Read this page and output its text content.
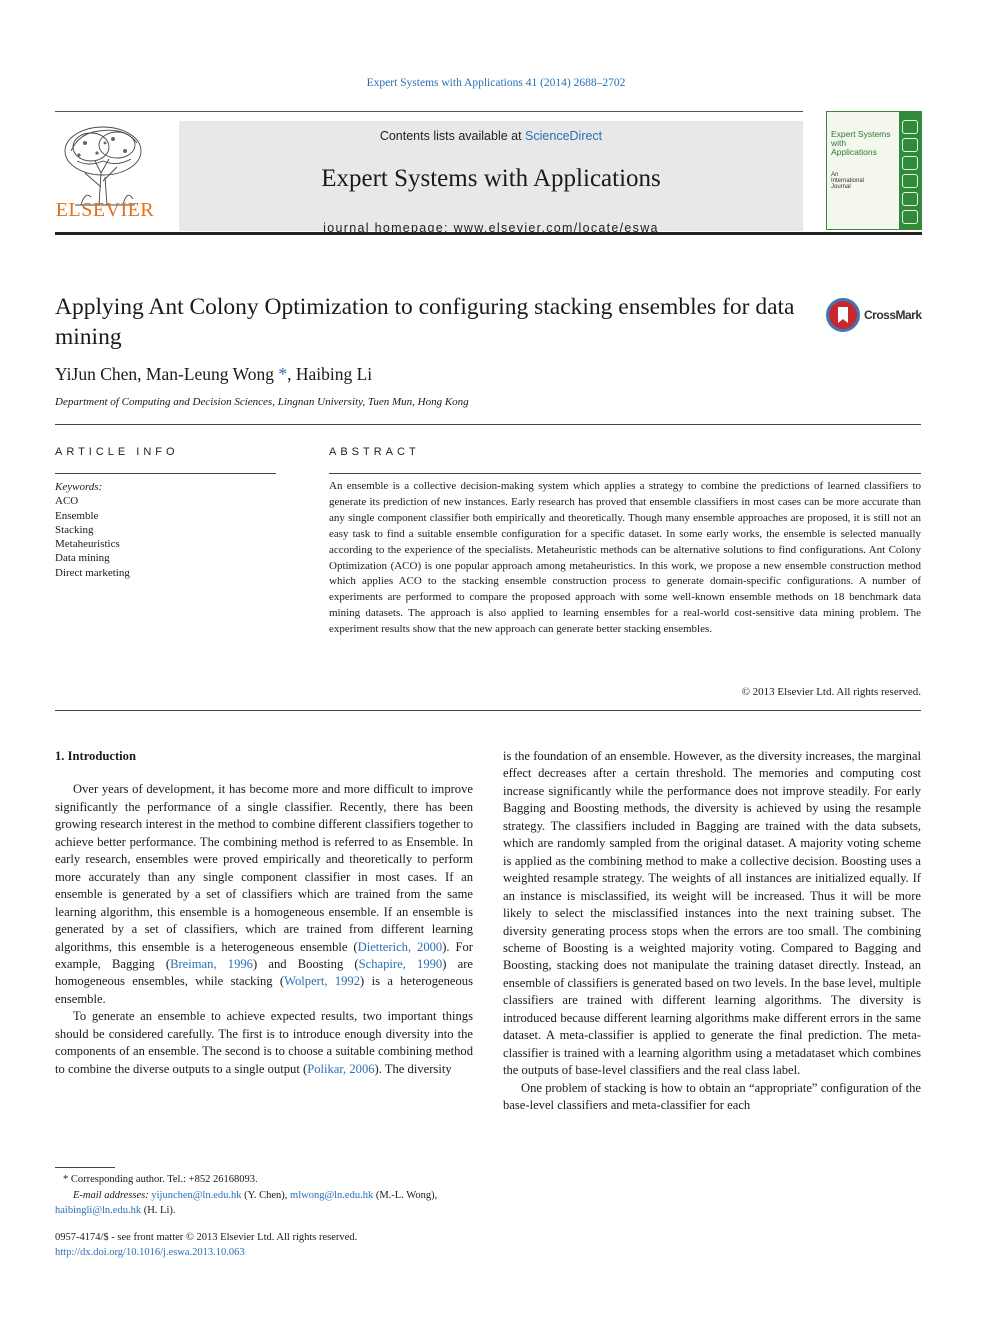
Expert Systems with Applications 41 (2014) 2688–2702
ELSEVIER
Contents lists available at ScienceDirect
Expert Systems with Applications
journal homepage: www.elsevier.com/locate/eswa
Expert Systems with Applications
An International Journal
Applying Ant Colony Optimization to configuring stacking ensembles for data mining
YiJun Chen, Man-Leung Wong *, Haibing Li
Department of Computing and Decision Sciences, Lingnan University, Tuen Mun, Hong Kong
CrossMark
ARTICLE INFO
Keywords:
ACO
Ensemble
Stacking
Metaheuristics
Data mining
Direct marketing
ABSTRACT
An ensemble is a collective decision-making system which applies a strategy to combine the predictions of learned classifiers to generate its prediction of new instances. Early research has proved that ensemble classifiers in most cases can be more accurate than any single component classifier both empirically and theoretically. Though many ensemble approaches are proposed, it is still not an easy task to find a suitable ensemble configuration for a specific dataset. In some early works, the ensemble is selected manually according to the experience of the specialists. Metaheuristic methods can be alternative solutions to find configurations. Ant Colony Optimization (ACO) is one popular approach among metaheuristics. In this work, we propose a new ensemble construction method which applies ACO to the stacking ensemble construction process to generate domain-specific configurations. A number of experiments are performed to compare the proposed approach with some well-known ensemble methods on 18 benchmark data mining datasets. The approach is also applied to learning ensembles for a real-world cost-sensitive data mining problem. The experiment results show that the new approach can generate better stacking ensembles.
© 2013 Elsevier Ltd. All rights reserved.
1. Introduction

Over years of development, it has become more and more difficult to improve significantly the performance of a single classifier. Recently, there has been growing research interest in the method to combine different classifiers together to achieve better performance. The combining method is referred to as Ensemble. In early research, ensembles were proved empirically and theoretically to perform more accurately than any single component classifier in most cases. If an ensemble is generated by a set of classifiers which are trained from the same learning algorithm, this ensemble is a homogeneous ensemble. If an ensemble is generated by a set of classifiers, which are trained from different learning algorithms, this ensemble is a heterogeneous ensemble (Dietterich, 2000). For example, Bagging (Breiman, 1996) and Boosting (Schapire, 1990) are homogeneous ensembles, while stacking (Wolpert, 1992) is a heterogeneous ensemble.

To generate an ensemble to achieve expected results, two important things should be considered carefully. The first is to introduce enough diversity into the components of an ensemble. The second is to choose a suitable combining method to combine the diverse outputs to a single output (Polikar, 2006). The diversity

is the foundation of an ensemble. However, as the diversity increases, the marginal effect decreases after a certain threshold. The memories and computing cost increase significantly while the performance does not improve steadily. For early Bagging and Boosting methods, the diversity is achieved by using the resample strategy. The classifiers included in Bagging are trained with the data subsets, which are randomly sampled from the original dataset. A majority voting scheme is applied as the combining method to make a collective decision. Boosting uses a weighted resample strategy. The weights of all instances are initialized equally. If an instance is misclassified, its weight will be increased. Thus it will be more likely to select the misclassified instances into the next training subset. The diversity generating process stops when the errors are too small. The combining scheme of Boosting is a weighted majority voting. Compared to Bagging and Boosting, stacking does not manipulate the training dataset directly. Instead, an ensemble of classifiers is generated based on two levels. In the base level, multiple classifiers are trained with different learning algorithms. The diversity is introduced because different learning algorithms make different errors in the same dataset. A meta-classifier is applied to generate the final prediction. The meta-classifier is trained with a learning algorithm using a metadataset which combines the outputs of base-level classifiers and the real class label.

One problem of stacking is how to obtain an “appropriate” configuration of the base-level classifiers and meta-classifier for each

* Corresponding author. Tel.: +852 26168093.
E-mail addresses: yijunchen@ln.edu.hk (Y. Chen), mlwong@ln.edu.hk (M.-L. Wong),
haibingli@ln.edu.hk (H. Li).
0957-4174/$ - see front matter © 2013 Elsevier Ltd. All rights reserved.
http://dx.doi.org/10.1016/j.eswa.2013.10.063
